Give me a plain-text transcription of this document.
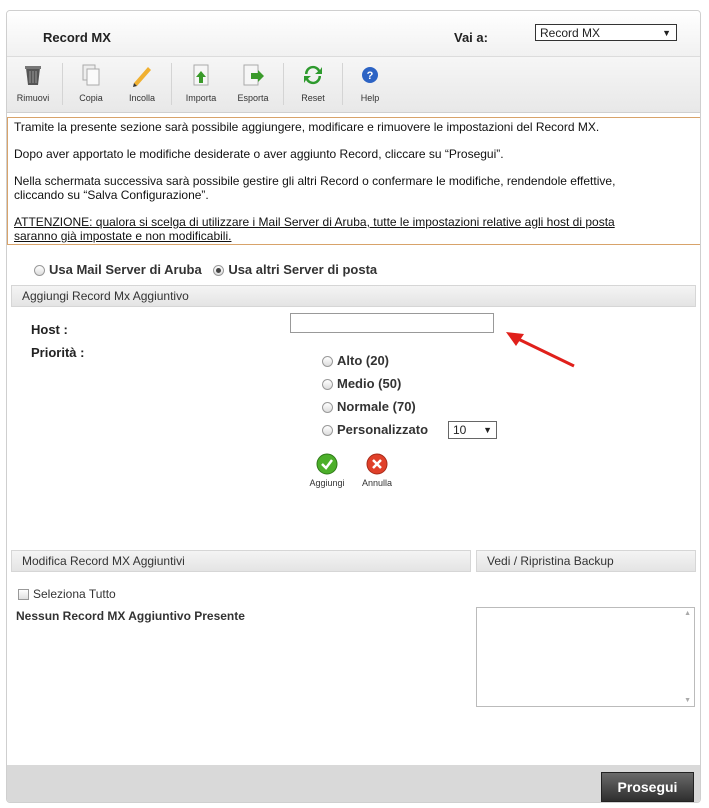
Record MX	Vai a:	Record MX	▼
Rimuovi	Copia	Incolla	Importa	Esporta	Reset
?
Help

Tramite la presente sezione sarà possibile aggiungere, modificare e rimuovere le impostazioni del Record MX.

Dopo aver apportato le modifiche desiderate o aver aggiunto Record, cliccare su “Prosegui”.

Nella schermata successiva sarà possibile gestire gli altri Record o confermare le modifiche, rendendole effettive,

cliccando su “Salva Configurazione”.

ATTENZIONE: qualora si scelga di utilizzare i Mail Server di Aruba, tutte le impostazioni relative agli host di posta

saranno già impostate e non modificabili.

Usa Mail Server di Aruba Usa altri Server di posta
Aggiungi Record Mx Aggiuntivo
Host :
Priorità :
Alto (20)
Medio (50)
Normale (70)
Personalizzato	10 ▼
Aggiungi	Annulla
Modifica Record MX Aggiuntivi	Vedi / Ripristina Backup
Seleziona Tutto
Nessun Record MX Aggiuntivo Presente	▲
▼
Prosegui
